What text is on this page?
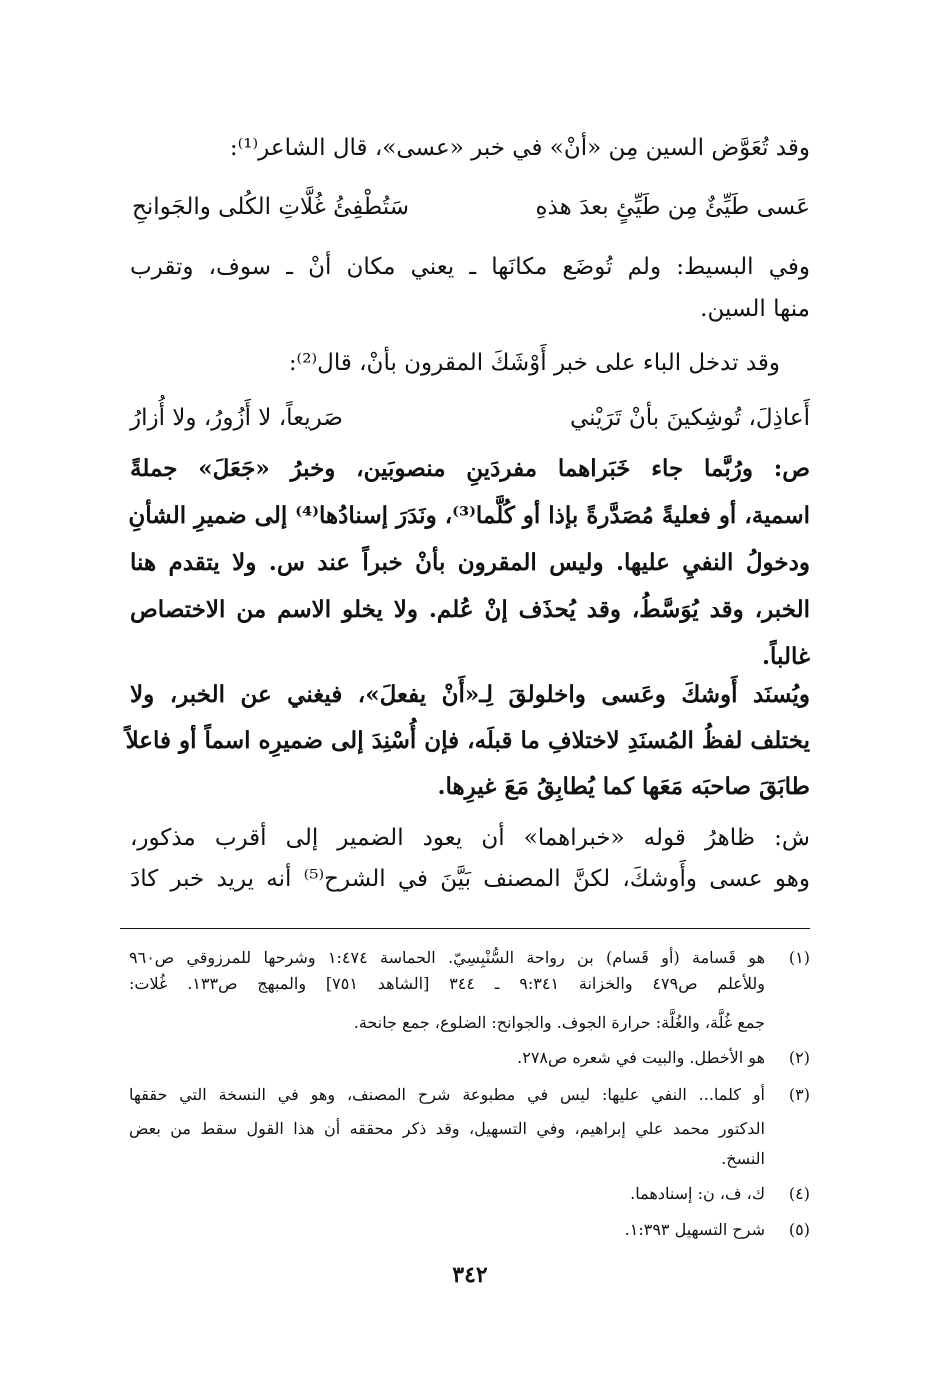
وقد تُعَوَّض السين مِن «أنْ» في خبر «عسى»، قال الشاعر⁽¹⁾:
عَسى طَيِّئٌ مِن طَيِّئٍ بعدَ هذهِ
سَتُطْفِئُ غُلَّاتِ الكُلى والجَوانحِ
وفي البسيط: ولم تُوضَع مكانَها ـ يعني مكان أنْ ـ سوف، وتقرب
منها السين.
وقد تدخل الباء على خبر أَوْشَكَ المقرون بأنْ، قال⁽²⁾:
أَعاذِلَ، تُوشِكينَ بأنْ تَرَيْني
صَريعاً، لا أَزُورُ، ولا أُزارُ
ص: ورُبَّما جاء خَبَراهما مفردَينِ منصوبَين، وخبرُ «جَعَلَ» جملةً
اسمية، أو فعليةً مُصَدَّرةً بإذا أو كُلَّما⁽³⁾، ونَدَرَ إسنادُها⁽⁴⁾ إلى ضميرِ الشأنِ
ودخولُ النفيِ عليها. وليس المقرون بأنْ خبراً عند س. ولا يتقدم هنا
الخبر، وقد يُوَسَّطُ، وقد يُحذَف إنْ عُلم. ولا يخلو الاسم من الاختصاص
غالباً.
ويُسنَد أَوشكَ وعَسى واخلولقَ لِـ«أَنْ يفعلَ»، فيغني عن الخبر، ولا
يختلف لفظُ المُسنَدِ لاختلافِ ما قبلَه، فإن أُسْنِدَ إلى ضميرِه اسماً أو فاعلاً
طابَقَ صاحبَه مَعَها كما يُطابِقُ مَعَ غيرِها.
ش: ظاهرُ قوله «خبراهما» أن يعود الضمير إلى أقرب مذكور،
وهو عسى وأَوشكَ، لكنَّ المصنف بَيَّنَ في الشرح⁽⁵⁾ أنه يريد خبر كادَ
(١)
هو قَسامة (أو قَسام) بن رواحة السُّنْبِسِيّ. الحماسة ١:٤٧٤ وشرحها للمرزوقي ص٩٦٠
وللأعلم ص٤٧٩ والخزانة ٩:٣٤١ ـ ٣٤٤ [الشاهد ٧٥١] والمبهج ص١٣٣. غُلات:
جمع غُلَّة، والغُلَّة: حرارة الجوف. والجوانح: الضلوع، جمع جانحة.
(٢)
هو الأخطل. والبيت في شعره ص٢٧٨.
(٣)
أو كلما... النفي عليها: ليس في مطبوعة شرح المصنف، وهو في النسخة التي حققها
الدكتور محمد علي إبراهيم، وفي التسهيل، وقد ذكر محققه أن هذا القول سقط من بعض
النسخ.
(٤)
ك، ف، ن: إسنادهما.
(٥)
شرح التسهيل ١:٣٩٣.
٣٤٢
